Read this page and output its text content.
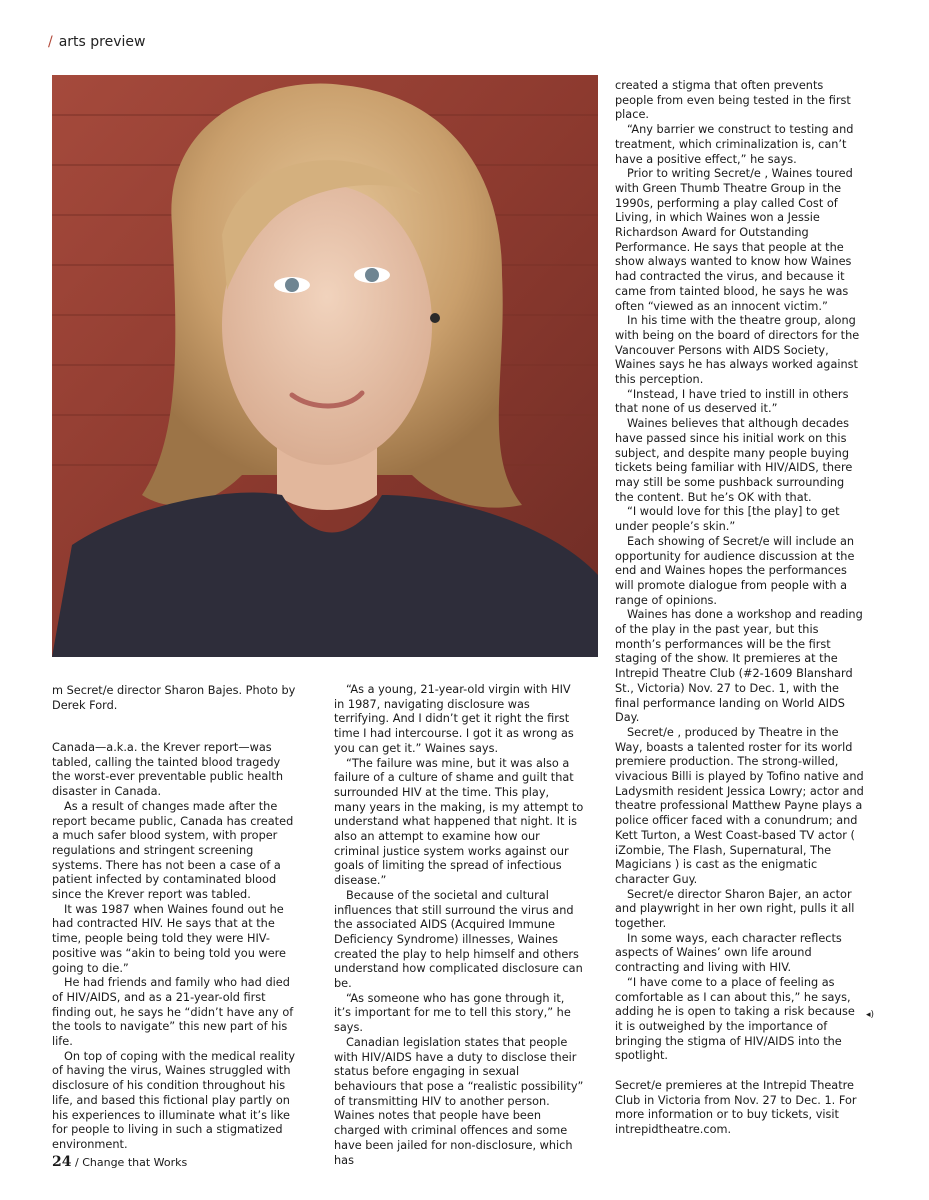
/ arts preview
m Secret/e director Sharon Bajes. Photo by Derek Ford.

Canada—a.k.a. the Krever report—was tabled, calling the tainted blood tragedy the worst-ever preventable public health disaster in Canada.

As a result of changes made after the report became public, Canada has created a much safer blood system, with proper regulations and stringent screening systems. There has not been a case of a patient infected by contaminated blood since the Krever report was tabled.

It was 1987 when Waines found out he had contracted HIV. He says that at the time, people being told they were HIV-positive was “akin to being told you were going to die.”

He had friends and family who had died of HIV/AIDS, and as a 21-year-old first finding out, he says he “didn’t have any of the tools to navigate” this new part of his life.

On top of coping with the medical reality of having the virus, Waines struggled with disclosure of his condition throughout his life, and based this fictional play partly on his experiences to illuminate what it’s like for people to living in such a stigmatized environment.

“As a young, 21-year-old virgin with HIV in 1987, navigating disclosure was terrifying. And I didn’t get it right the first time I had intercourse. I got it as wrong as you can get it.” Waines says.

“The failure was mine, but it was also a failure of a culture of shame and guilt that surrounded HIV at the time. This play, many years in the making, is my attempt to understand what happened that night. It is also an attempt to examine how our criminal justice system works against our goals of limiting the spread of infectious disease.”

Because of the societal and cultural influences that still surround the virus and the associated AIDS (Acquired Immune Deficiency Syndrome) illnesses, Waines created the play to help himself and others understand how complicated disclosure can be.

“As someone who has gone through it, it’s important for me to tell this story,” he says.

Canadian legislation states that people with HIV/AIDS have a duty to disclose their status before engaging in sexual behaviours that pose a “realistic possibility” of transmitting HIV to another person. Waines notes that people have been charged with criminal offences and some have been jailed for non-disclosure, which has

created a stigma that often prevents people from even being tested in the first place.

“Any barrier we construct to testing and treatment, which criminalization is, can’t have a positive effect,” he says.

Prior to writing Secret/e , Waines toured with Green Thumb Theatre Group in the 1990s, performing a play called Cost of Living, in which Waines won a Jessie Richardson Award for Outstanding Performance. He says that people at the show always wanted to know how Waines had contracted the virus, and because it came from tainted blood, he says he was often “viewed as an innocent victim.”

In his time with the theatre group, along with being on the board of directors for the Vancouver Persons with AIDS Society, Waines says he has always worked against this perception.

“Instead, I have tried to instill in others that none of us deserved it.”

Waines believes that although decades have passed since his initial work on this subject, and despite many people buying tickets being familiar with HIV/AIDS, there may still be some pushback surrounding the content. But he’s OK with that.

“I would love for this [the play] to get under people’s skin.”

Each showing of Secret/e will include an opportunity for audience discussion at the end and Waines hopes the performances will promote dialogue from people with a range of opinions.

Waines has done a workshop and reading of the play in the past year, but this month’s performances will be the first staging of the show. It premieres at the Intrepid Theatre Club (#2-1609 Blanshard St., Victoria) Nov. 27 to Dec. 1, with the final performance landing on World AIDS Day.

Secret/e , produced by Theatre in the Way, boasts a talented roster for its world premiere production. The strong-willed, vivacious Billi is played by Tofino native and Ladysmith resident Jessica Lowry; actor and theatre professional Matthew Payne plays a police officer faced with a conundrum; and Kett Turton, a West Coast-based TV actor ( iZombie, The Flash, Supernatural, The Magicians ) is cast as the enigmatic character Guy.

Secret/e director Sharon Bajer, an actor and playwright in her own right, pulls it all together.

In some ways, each character reflects aspects of Waines’ own life around contracting and living with HIV.

“I have come to a place of feeling as comfortable as I can about this,” he says, adding he is open to taking a risk because it is outweighed by the importance of bringing the stigma of HIV/AIDS into the spotlight.

Secret/e premieres at the Intrepid Theatre Club in Victoria from Nov. 27 to Dec. 1. For more information or to buy tickets, visit intrepidtheatre.com.

◂)
24 / Change that Works
